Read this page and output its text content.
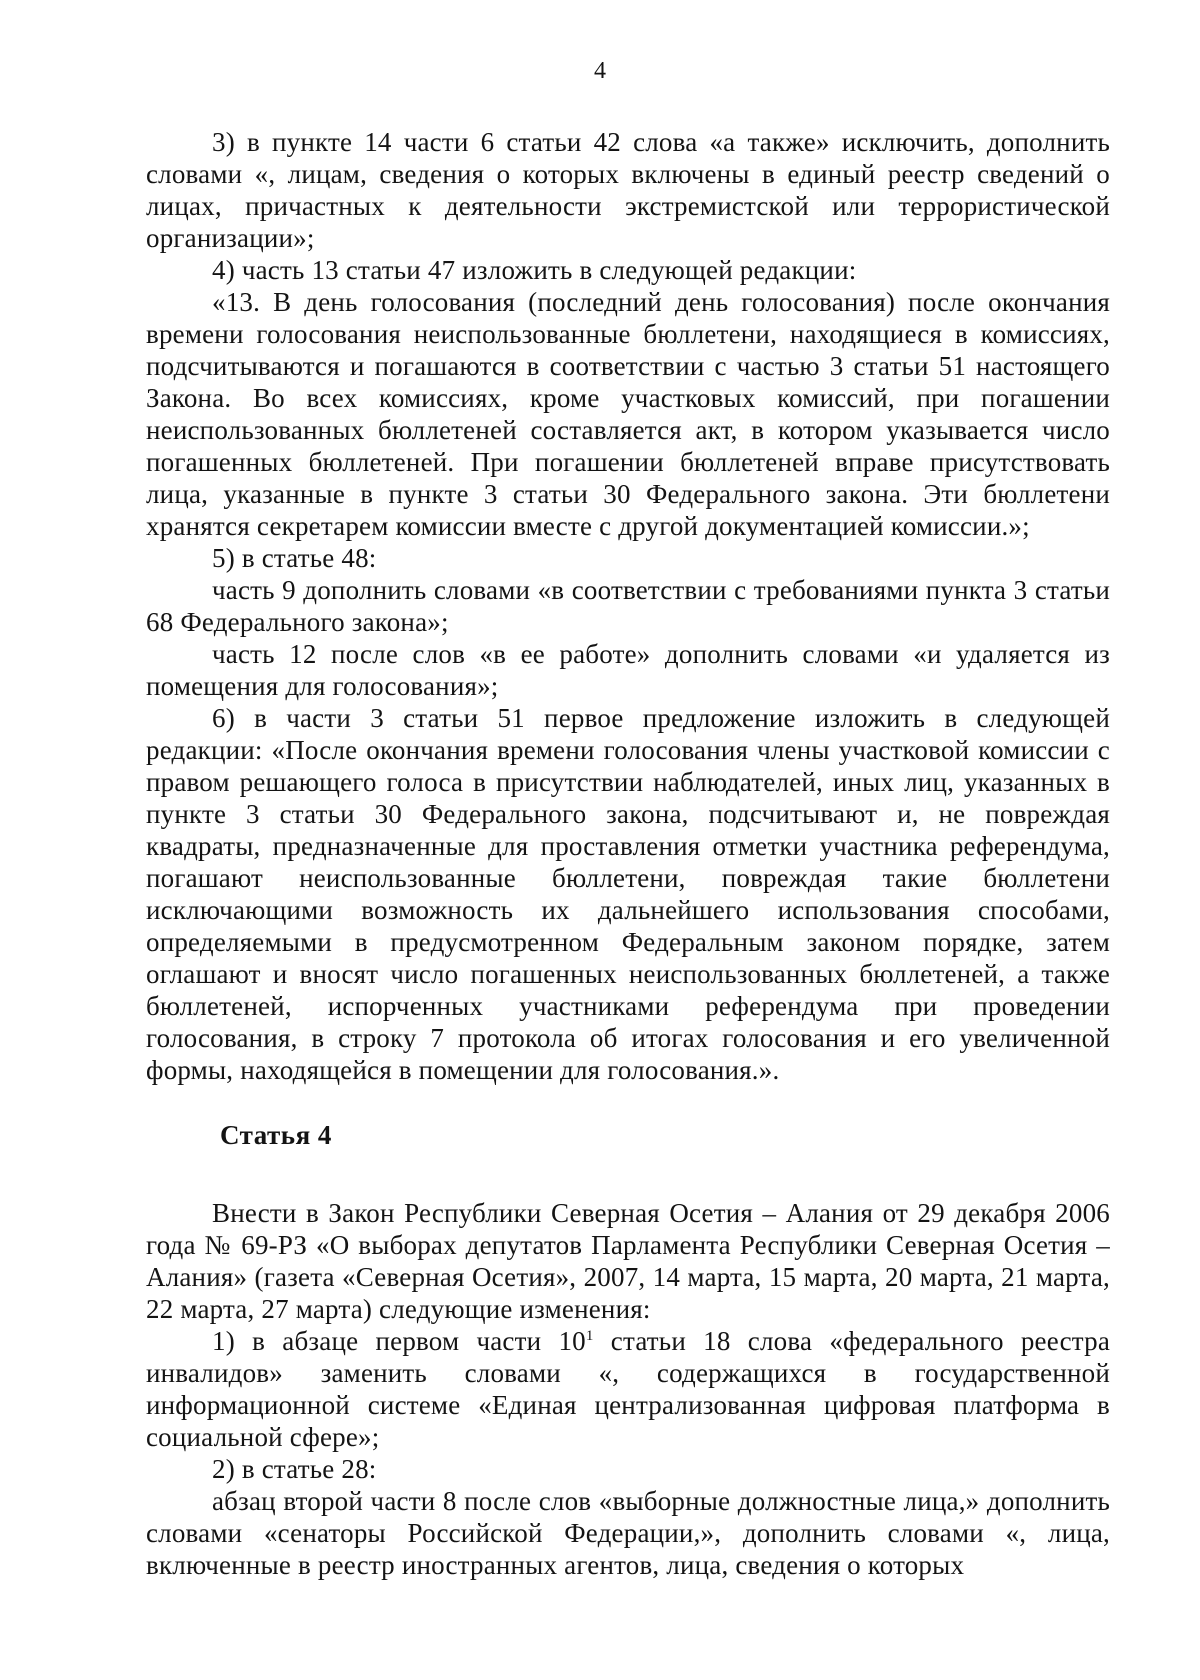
4

3) в пункте 14 части 6 статьи 42 слова «а также» исключить, дополнить словами «, лицам, сведения о которых включены в единый реестр сведений о лицах, причастных к деятельности экстремистской или террористической организации»;

4) часть 13 статьи 47 изложить в следующей редакции:

«13. В день голосования (последний день голосования) после окончания времени голосования неиспользованные бюллетени, находящиеся в комиссиях, подсчитываются и погашаются в соответствии с частью 3 статьи 51 настоящего Закона. Во всех комиссиях, кроме участковых комиссий, при погашении неиспользованных бюллетеней составляется акт, в котором указывается число погашенных бюллетеней. При погашении бюллетеней вправе присутствовать лица, указанные в пункте 3 статьи 30 Федерального закона. Эти бюллетени хранятся секретарем комиссии вместе с другой документацией комиссии.»;

5) в статье 48:

часть 9 дополнить словами «в соответствии с требованиями пункта 3 статьи 68 Федерального закона»;

часть 12 после слов «в ее работе» дополнить словами «и удаляется из помещения для голосования»;

6) в части 3 статьи 51 первое предложение изложить в следующей редакции: «После окончания времени голосования члены участковой комиссии с правом решающего голоса в присутствии наблюдателей, иных лиц, указанных в пункте 3 статьи 30 Федерального закона, подсчитывают и, не повреждая квадраты, предназначенные для проставления отметки участника референдума, погашают неиспользованные бюллетени, повреждая такие бюллетени исключающими возможность их дальнейшего использования способами, определяемыми в предусмотренном Федеральным законом порядке, затем оглашают и вносят число погашенных неиспользованных бюллетеней, а также бюллетеней, испорченных участниками референдума при проведении голосования, в строку 7 протокола об итогах голосования и его увеличенной формы, находящейся в помещении для голосования.».

Статья 4

Внести в Закон Республики Северная Осетия – Алания от 29 декабря 2006 года № 69-РЗ «О выборах депутатов Парламента Республики Северная Осетия – Алания» (газета «Северная Осетия», 2007, 14 марта, 15 марта, 20 марта, 21 марта, 22 марта, 27 марта) следующие изменения:

1) в абзаце первом части $10^1$ статьи 18 слова «федерального реестра инвалидов» заменить словами «, содержащихся в государственной информационной системе «Единая централизованная цифровая платформа в социальной сфере»;

2) в статье 28:

абзац второй части 8 после слов «выборные должностные лица,» дополнить словами «сенаторы Российской Федерации,», дополнить словами «, лица, включенные в реестр иностранных агентов, лица, сведения о которых
